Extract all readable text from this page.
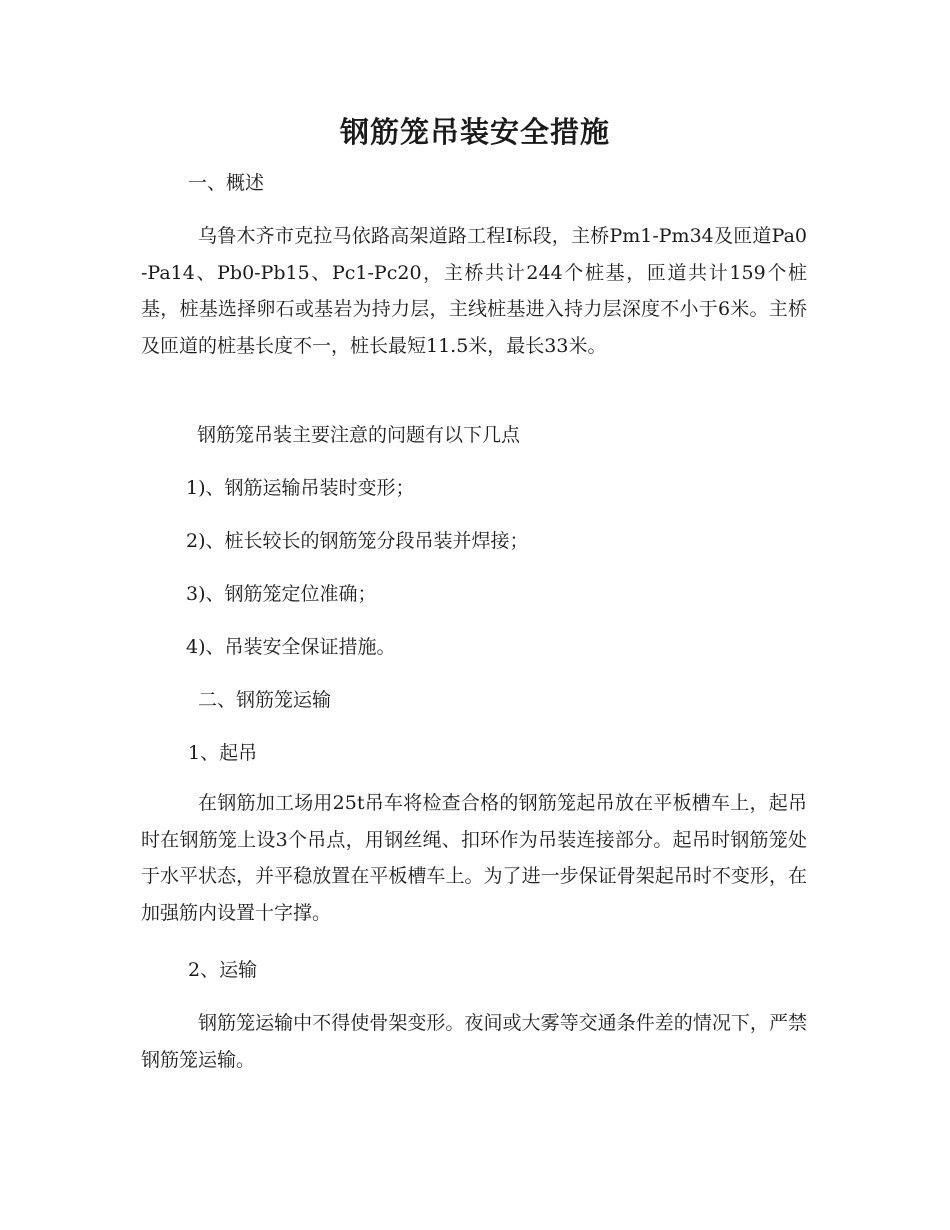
钢筋笼吊装安全措施
一、概述
乌鲁木齐市克拉马依路高架道路工程Ⅰ标段，主桥Pm1-Pm34及匝道Pa0-Pa14、Pb0-Pb15、Pc1-Pc20，主桥共计244个桩基，匝道共计159个桩基，桩基选择卵石或基岩为持力层，主线桩基进入持力层深度不小于6米。主桥及匝道的桩基长度不一，桩长最短11.5米，最长33米。
钢筋笼吊装主要注意的问题有以下几点
1)、钢筋运输吊装时变形；
2)、桩长较长的钢筋笼分段吊装并焊接；
3)、钢筋笼定位准确；
4)、吊装安全保证措施。
二、钢筋笼运输
1、起吊
在钢筋加工场用25t吊车将检查合格的钢筋笼起吊放在平板槽车上，起吊时在钢筋笼上设3个吊点，用钢丝绳、扣环作为吊装连接部分。起吊时钢筋笼处于水平状态，并平稳放置在平板槽车上。为了进一步保证骨架起吊时不变形，在加强筋内设置十字撑。
2、运输
钢筋笼运输中不得使骨架变形。夜间或大雾等交通条件差的情况下，严禁钢筋笼运输。
